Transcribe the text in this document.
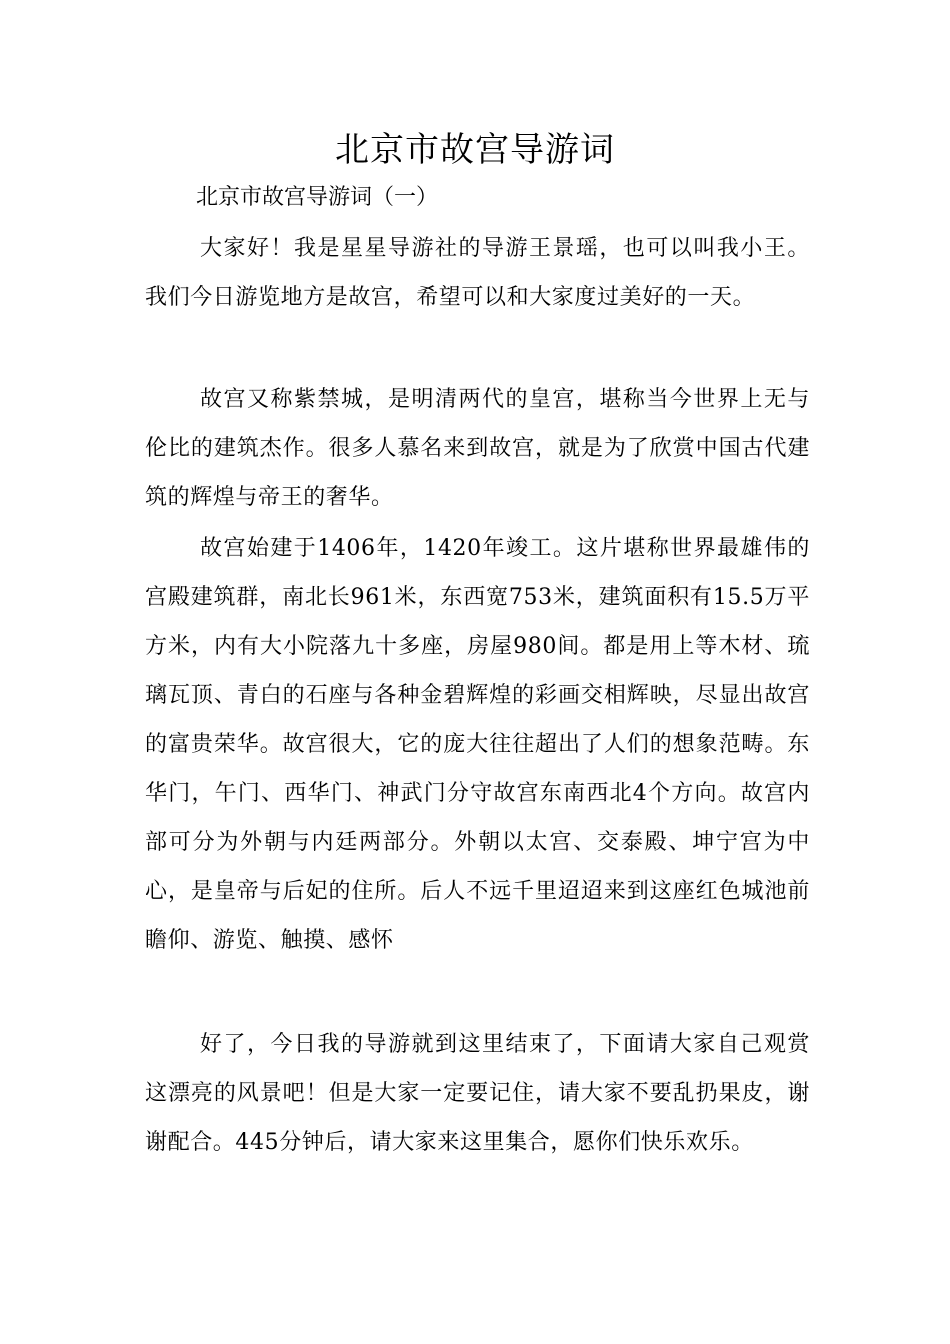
北京市故宫导游词

北京市故宫导游词（一）

大家好！我是星星导游社的导游王景瑶，也可以叫我小王。我们今日游览地方是故宫，希望可以和大家度过美好的一天。

故宫又称紫禁城，是明清两代的皇宫，堪称当今世界上无与伦比的建筑杰作。很多人慕名来到故宫，就是为了欣赏中国古代建筑的辉煌与帝王的奢华。

故宫始建于1406年，1420年竣工。这片堪称世界最雄伟的宫殿建筑群，南北长961米，东西宽753米，建筑面积有15.5万平方米，内有大小院落九十多座，房屋980间。都是用上等木材、琉璃瓦顶、青白的石座与各种金碧辉煌的彩画交相辉映，尽显出故宫的富贵荣华。故宫很大，它的庞大往往超出了人们的想象范畴。东华门，午门、西华门、神武门分守故宫东南西北4个方向。故宫内部可分为外朝与内廷两部分。外朝以太宫、交泰殿、坤宁宫为中心，是皇帝与后妃的住所。后人不远千里迢迢来到这座红色城池前瞻仰、游览、触摸、感怀

好了，今日我的导游就到这里结束了，下面请大家自己观赏这漂亮的风景吧！但是大家一定要记住，请大家不要乱扔果皮，谢谢配合。445分钟后，请大家来这里集合，愿你们快乐欢乐。
